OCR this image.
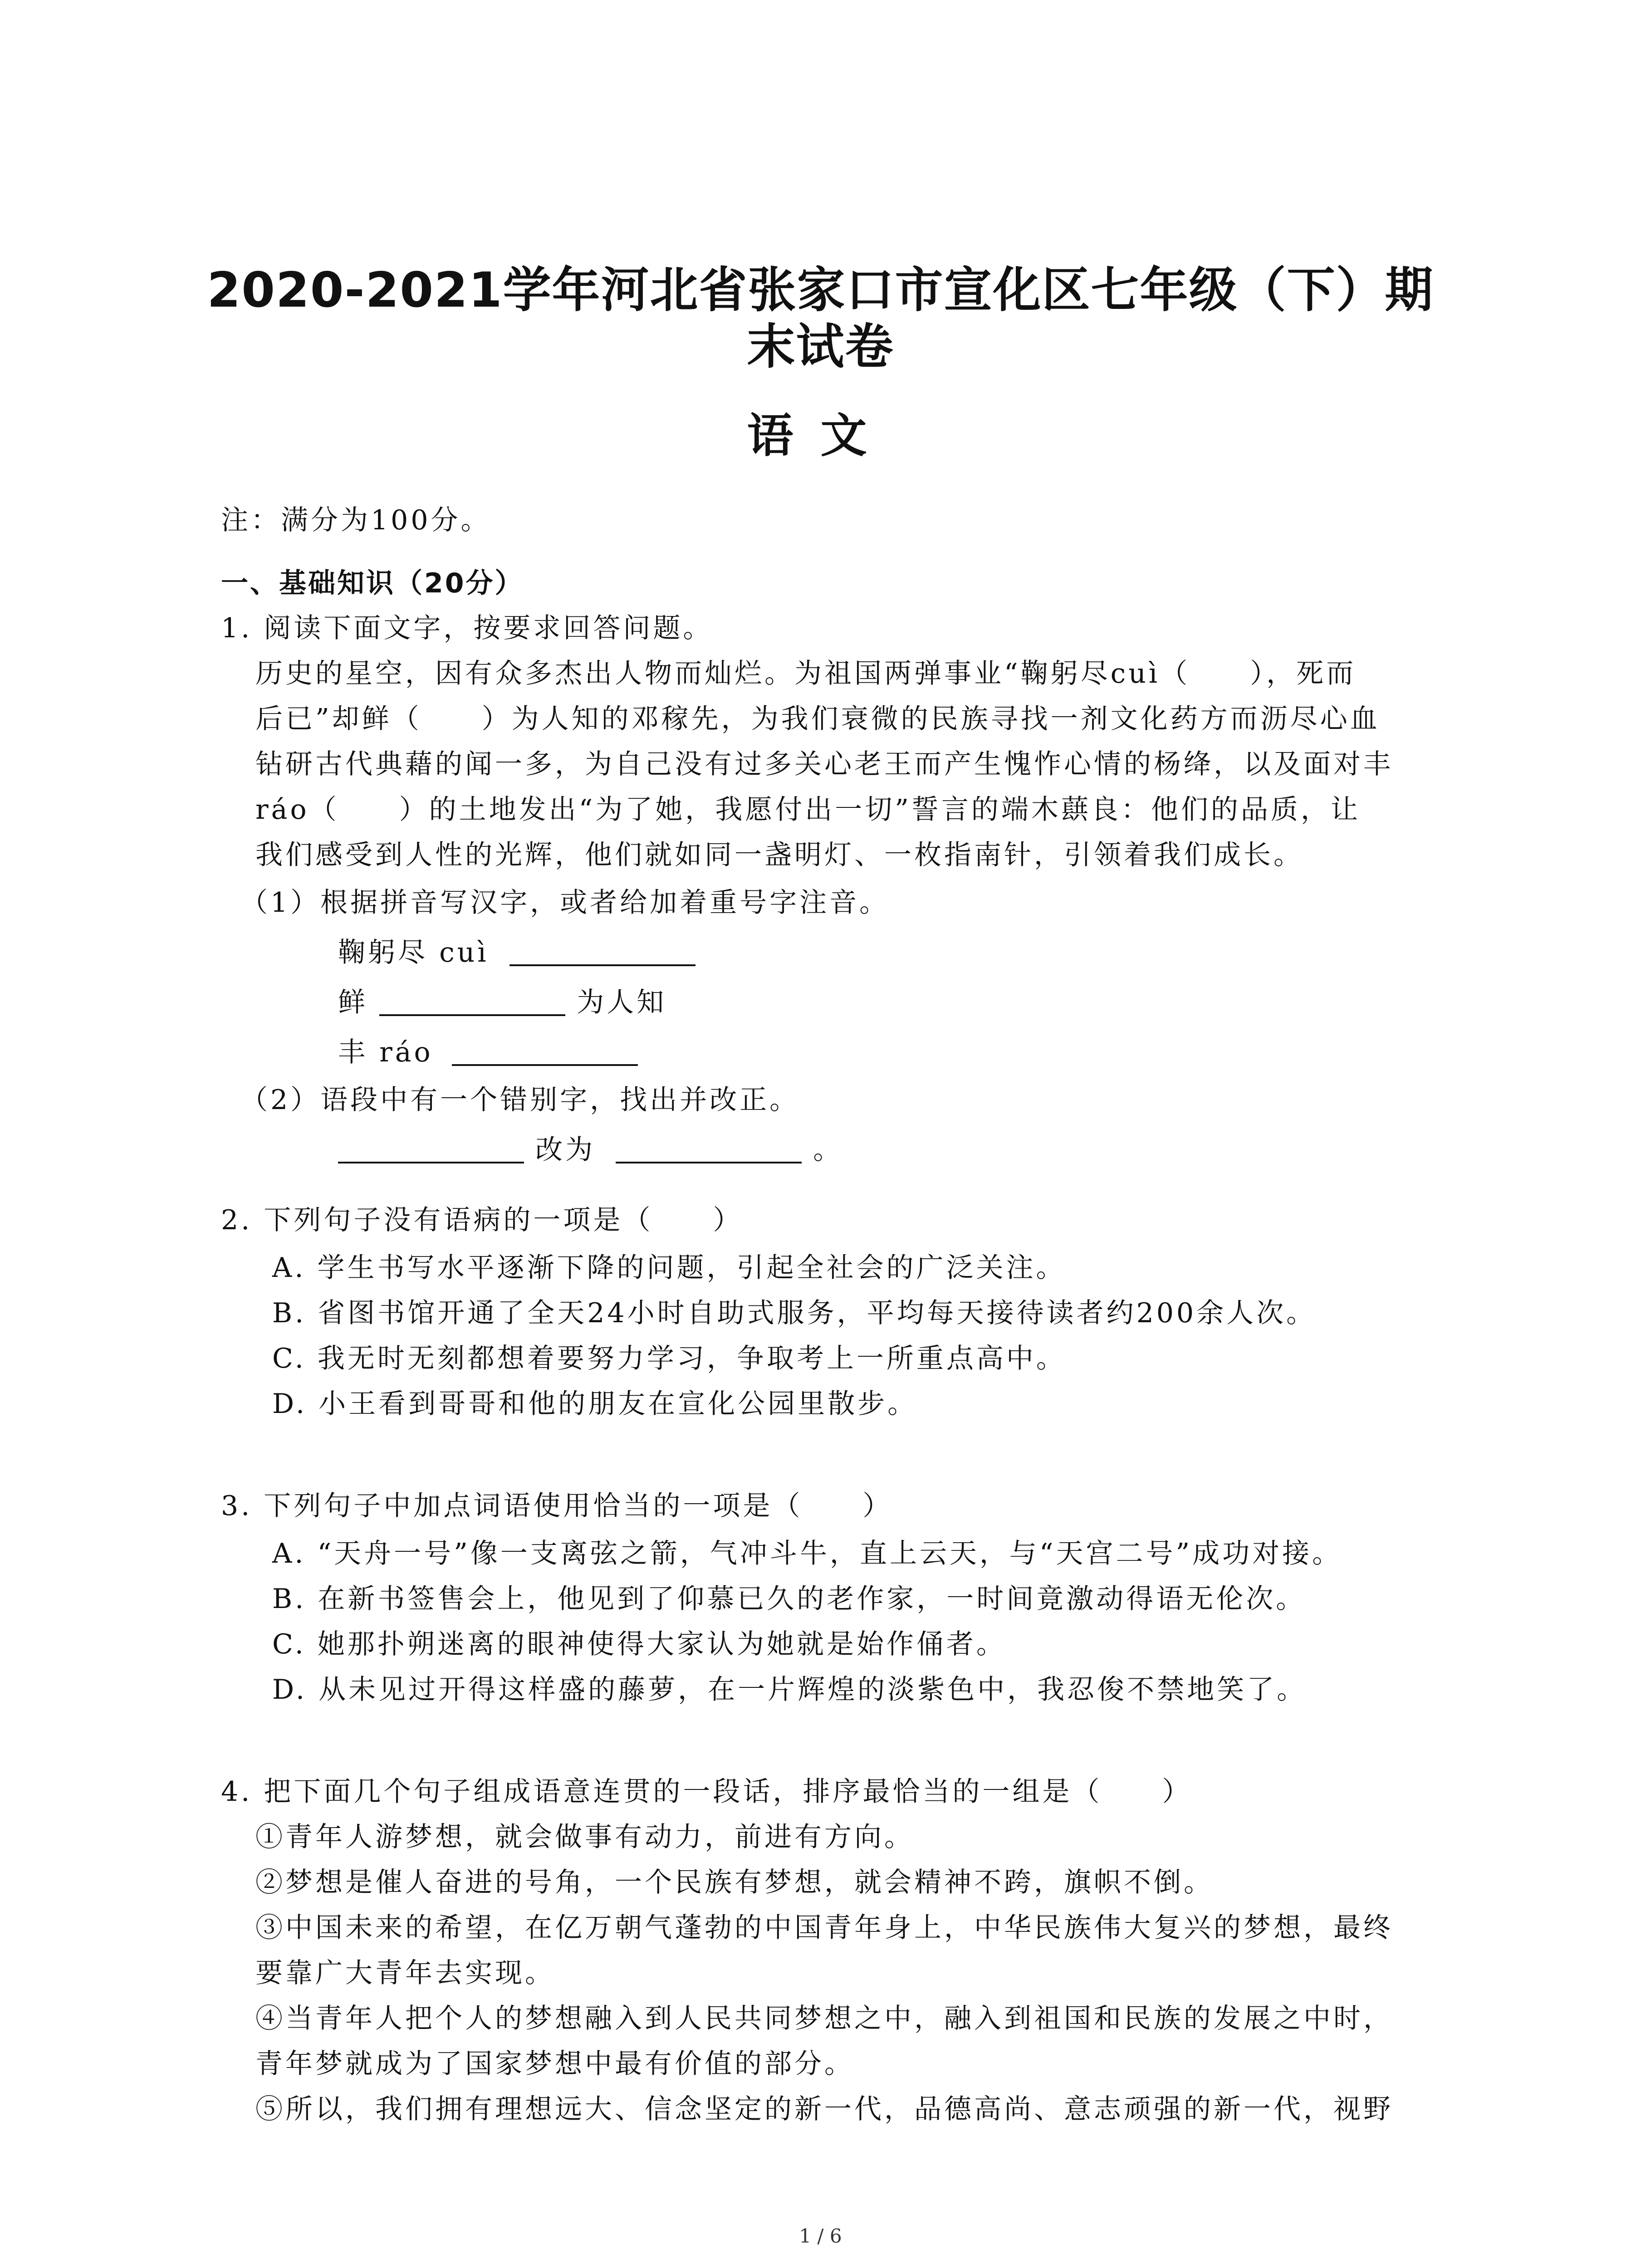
2020-2021学年河北省张家口市宣化区七年级（下）期
末试卷
语文
注：满分为100分。
一、基础知识（20分）
1. 阅读下面文字，按要求回答问题。
历史的星空，因有众多杰出人物而灿烂。为祖国两弹事业“鞠躬尽cuì（　　），死而
后已”却鲜（　　）为人知的邓稼先，为我们衰微的民族寻找一剂文化药方而沥尽心血
钻研古代典藉的闻一多，为自己没有过多关心老王而产生愧怍心情的杨绛，以及面对丰
ráo（　　）的土地发出“为了她，我愿付出一切”誓言的端木蕻良：他们的品质，让
我们感受到人性的光辉，他们就如同一盏明灯、一枚指南针，引领着我们成长。
（1）根据拼音写汉字，或者给加着重号字注音。
鞠躬尽 cuì
鲜	为人知
丰 ráo
（2）语段中有一个错别字，找出并改正。
改为	。
2. 下列句子没有语病的一项是（　　）
A. 学生书写水平逐渐下降的问题，引起全社会的广泛关注。
B. 省图书馆开通了全天24小时自助式服务，平均每天接待读者约200余人次。
C. 我无时无刻都想着要努力学习，争取考上一所重点高中。
D. 小王看到哥哥和他的朋友在宣化公园里散步。
3. 下列句子中加点词语使用恰当的一项是（　　）
A. “天舟一号”像一支离弦之箭，气冲斗牛，直上云天，与“天宫二号”成功对接。
B. 在新书签售会上，他见到了仰慕已久的老作家，一时间竟激动得语无伦次。
C. 她那扑朔迷离的眼神使得大家认为她就是始作俑者。
D. 从未见过开得这样盛的藤萝，在一片辉煌的淡紫色中，我忍俊不禁地笑了。
4. 把下面几个句子组成语意连贯的一段话，排序最恰当的一组是（　　）
①青年人游梦想，就会做事有动力，前进有方向。
②梦想是催人奋进的号角，一个民族有梦想，就会精神不跨，旗帜不倒。
③中国未来的希望，在亿万朝气蓬勃的中国青年身上，中华民族伟大复兴的梦想，最终
要靠广大青年去实现。
④当青年人把个人的梦想融入到人民共同梦想之中，融入到祖国和民族的发展之中时，
青年梦就成为了国家梦想中最有价值的部分。
⑤所以，我们拥有理想远大、信念坚定的新一代，品德高尚、意志顽强的新一代，视野
1 / 6
